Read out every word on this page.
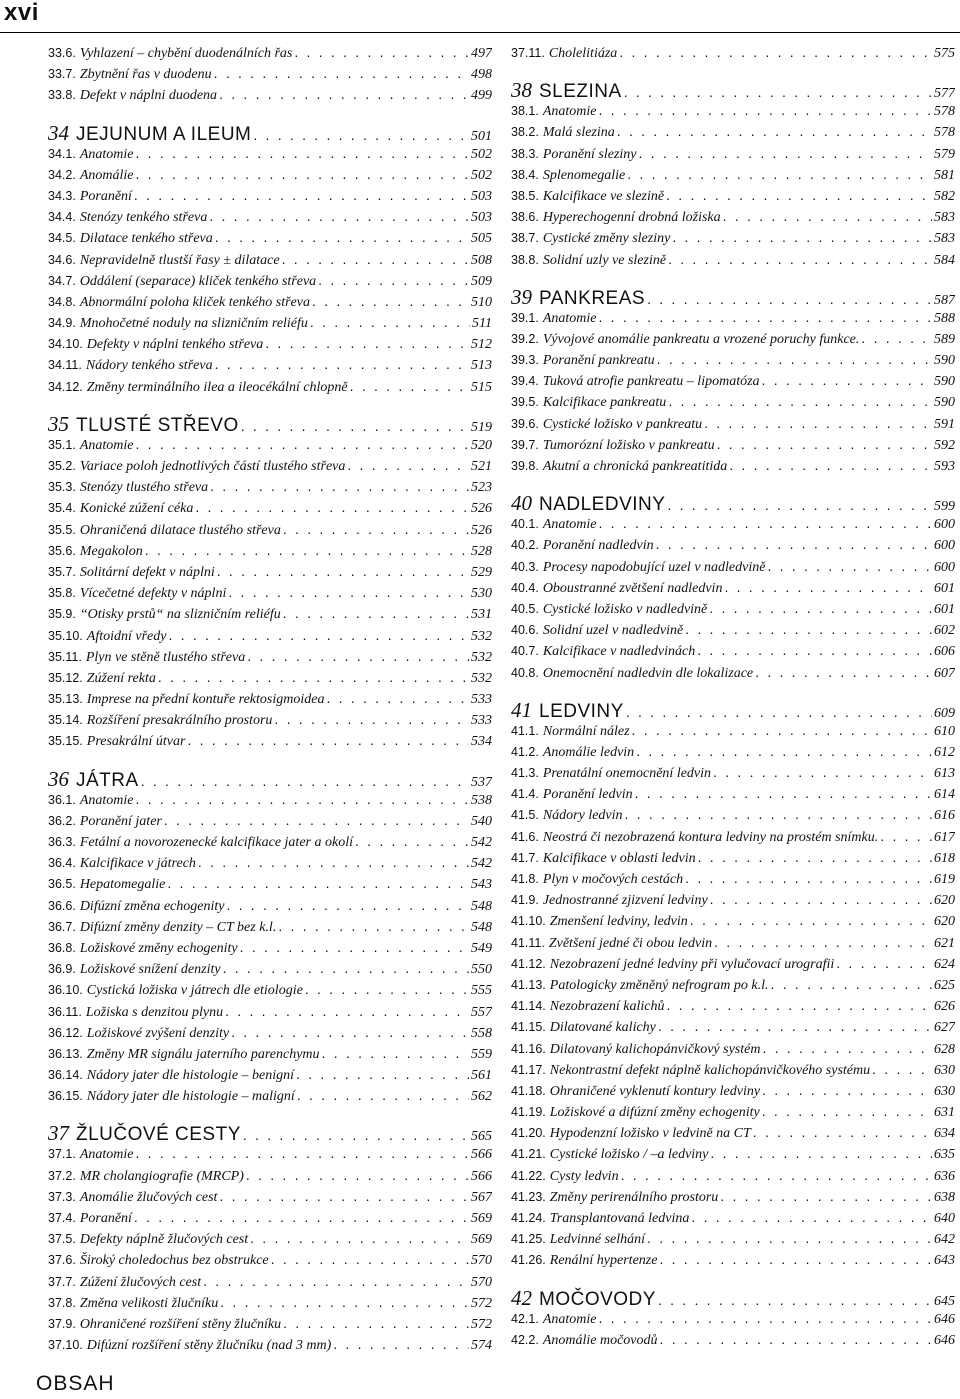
xvi
33.6. Vyhlazení – chybění duodenálních řas . . .	497
33.7. Zbytnění řas v duodenu . . .	498
33.8. Defekt v náplni duodena . . .	499
34 JEJUNUM A ILEUM . . .	501
34.1. Anatomie . . .	502
34.2. Anomálie . . .	502
34.3. Poranění . . .	503
34.4. Stenózy tenkého střeva . . .	503
34.5. Dilatace tenkého střeva . . .	505
34.6. Nepravidelně tlustší řasy ± dilatace . . .	508
34.7. Oddálení (separace) kliček tenkého střeva . . .	509
34.8. Abnormální poloha kliček tenkého střeva . . .	510
34.9. Mnohočetné noduly na slizničním reliéfu . . .	511
34.10. Defekty v náplni tenkého střeva . . .	512
34.11. Nádory tenkého střeva . . .	513
34.12. Změny terminálního ilea a ileocékální chlopně . . .	515
35 TLUSTÉ STŘEVO . . .	519
35.1. Anatomie . . .	520
35.2. Variace poloh jednotlivých částí tlustého střeva . . .	521
35.3. Stenózy tlustého střeva . . .	523
35.4. Konické zúžení céka . . .	526
35.5. Ohraničená dilatace tlustého střeva . . .	526
35.6. Megakolon . . .	528
35.7. Solitární defekt v náplni . . .	529
35.8. Vícečetné defekty v náplni . . .	530
35.9. “Otisky prstů“ na slizničním reliéfu . . .	531
35.10. Aftoidní vředy . . .	532
35.11. Plyn ve stěně tlustého střeva . . .	532
35.12. Zúžení rekta . . .	532
35.13. Imprese na přední kontuře rektosigmoidea . . .	533
35.14. Rozšíření presakrálního prostoru . . .	533
35.15. Presakrální útvar . . .	534
36 JÁTRA . . .	537
36.1. Anatomie . . .	538
36.2. Poranění jater . . .	540
36.3. Fetální a novorozenecké kalcifikace jater a okolí . . .	542
36.4. Kalcifikace v játrech . . .	542
36.5. Hepatomegalie . . .	543
36.6. Difúzní změna echogenity . . .	548
36.7. Difúzní změny denzity – CT bez k.l. . . .	548
36.8. Ložiskové změny echogenity . . .	549
36.9. Ložiskové snížení denzity . . .	550
36.10. Cystická ložiska v játrech dle etiologie . . .	555
36.11. Ložiska s denzitou plynu . . .	557
36.12. Ložiskové zvýšení denzity . . .	558
36.13. Změny MR signálu jaterního parenchymu . . .	559
36.14. Nádory jater dle histologie – benigní . . .	561
36.15. Nádory jater dle histologie – maligní . . .	562
37 ŽLUČOVÉ CESTY . . .	565
37.1. Anatomie . . .	566
37.2. MR cholangiografie (MRCP) . . .	566
37.3. Anomálie žlučových cest . . .	567
37.4. Poranění . . .	569
37.5. Defekty náplně žlučových cest . . .	569
37.6. Široký choledochus bez obstrukce . . .	570
37.7. Zúžení žlučových cest . . .	570
37.8. Změna velikosti žlučníku . . .	572
37.9. Ohraničené rozšíření stěny žlučníku . . .	572
37.10. Difúzní rozšíření stěny žlučníku (nad 3 mm) . . .	574
37.11. Cholelitiáza . . .	575
38 SLEZINA . . .	577
38.1. Anatomie . . .	578
38.2. Malá slezina . . .	578
38.3. Poranění sleziny . . .	579
38.4. Splenomegalie . . .	581
38.5. Kalcifikace ve slezině . . .	582
38.6. Hyperechogenní drobná ložiska . . .	583
38.7. Cystické změny sleziny . . .	583
38.8. Solidní uzly ve slezině . . .	584
39 PANKREAS . . .	587
39.1. Anatomie . . .	588
39.2. Vývojové anomálie pankreatu a vrozené poruchy funkce. . . .	589
39.3. Poranění pankreatu . . .	590
39.4. Tuková atrofie pankreatu – lipomatóza . . .	590
39.5. Kalcifikace pankreatu . . .	590
39.6. Cystické ložisko v pankreatu . . .	591
39.7. Tumorózní ložisko v pankreatu . . .	592
39.8. Akutní a chronická pankreatitida . . .	593
40 NADLEDVINY . . .	599
40.1. Anatomie . . .	600
40.2. Poranění nadledvin . . .	600
40.3. Procesy napodobující uzel v nadledvině . . .	600
40.4. Oboustranné zvětšení nadledvin . . .	601
40.5. Cystické ložisko v nadledvině . . .	601
40.6. Solidní uzel v nadledvině . . .	602
40.7. Kalcifikace v nadledvinách . . .	606
40.8. Onemocnění nadledvin dle lokalizace . . .	607
41 LEDVINY . . .	609
41.1. Normální nález . . .	610
41.2. Anomálie ledvin . . .	612
41.3. Prenatální onemocnění ledvin . . .	613
41.4. Poranění ledvin . . .	614
41.5. Nádory ledvin . . .	616
41.6. Neostrá či nezobrazená kontura ledviny na prostém snímku. . . .	617
41.7. Kalcifikace v oblasti ledvin . . .	618
41.8. Plyn v močových cestách . . .	619
41.9. Jednostranné zjizvení ledviny . . .	620
41.10. Zmenšení ledviny, ledvin . . .	620
41.11. Zvětšení jedné či obou ledvin . . .	621
41.12. Nezobrazení jedné ledviny při vylučovací urografii . . .	624
41.13. Patologicky změněný nefrogram po k.l. . . .	625
41.14. Nezobrazení kalichů . . .	626
41.15. Dilatované kalichy . . .	627
41.16. Dilatovaný kalichopánvičkový systém . . .	628
41.17. Nekontrastní defekt náplně kalichopánvičkového systému . . .	630
41.18. Ohraničené vyklenutí kontury ledviny . . .	630
41.19. Ložiskové a difúzní změny echogenity . . .	631
41.20. Hypodenzní ložisko v ledvině na CT . . .	634
41.21. Cystické ložisko / –a ledviny . . .	635
41.22. Cysty ledvin . . .	636
41.23. Změny perirenálního prostoru . . .	638
41.24. Transplantovaná ledvina . . .	640
41.25. Ledvinné selhání . . .	642
41.26. Renální hypertenze . . .	643
42 MOČOVODY . . .	645
42.1. Anatomie . . .	646
42.2. Anomálie močovodů . . .	646
OBSAH
